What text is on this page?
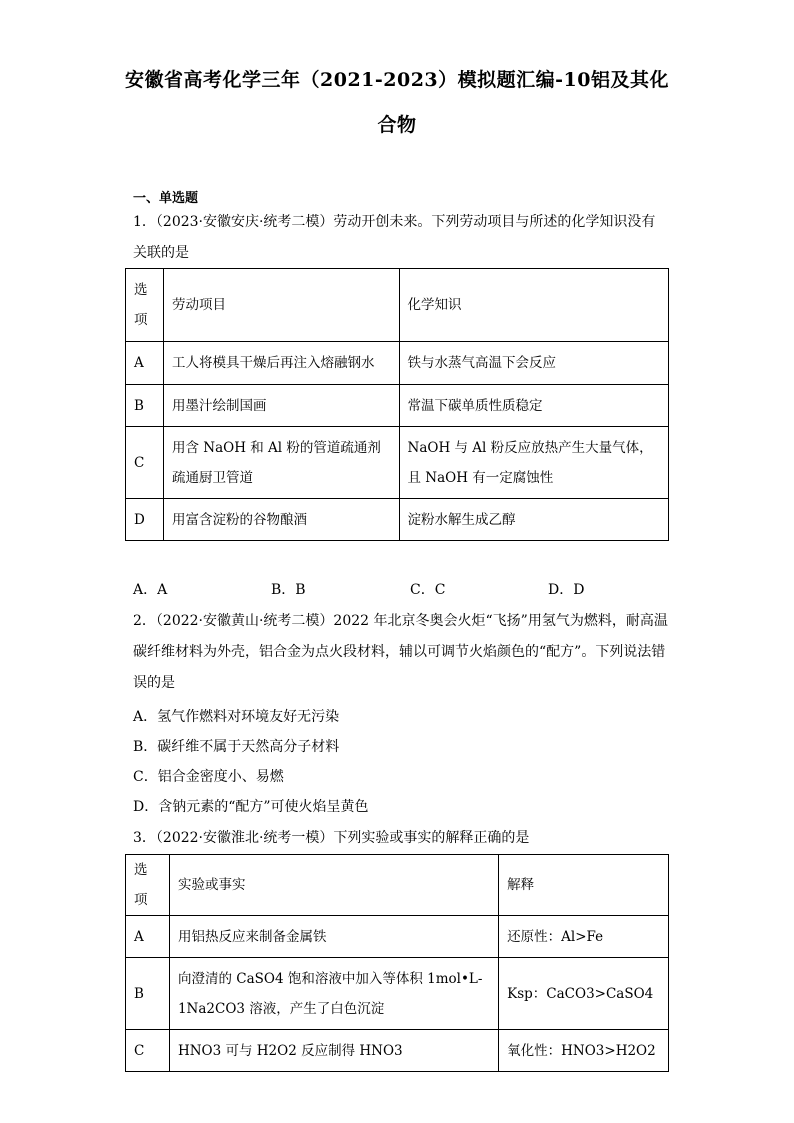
安徽省高考化学三年（2021-2023）模拟题汇编-10铝及其化
合物
一、单选题
1．（2023·安徽安庆·统考二模）劳动开创未来。下列劳动项目与所述的化学知识没有关联的是
选项	劳动项目	化学知识
A	工人将模具干燥后再注入熔融钢水	铁与水蒸气高温下会反应
B	用墨汁绘制国画	常温下碳单质性质稳定
C	用含 NaOH 和 Al 粉的管道疏通剂疏通厨卫管道	NaOH 与 Al 粉反应放热产生大量气体，且 NaOH 有一定腐蚀性
D	用富含淀粉的谷物酿酒	淀粉水解生成乙醇
A．A	B．B	C．C	D．D
2．（2022·安徽黄山·统考二模）2022 年北京冬奥会火炬“飞扬”用氢气为燃料，耐高温碳纤维材料为外壳，铝合金为点火段材料，辅以可调节火焰颜色的“配方”。下列说法错误的是
A．氢气作燃料对环境友好无污染
B．碳纤维不属于天然高分子材料
C．铝合金密度小、易燃
D．含钠元素的“配方”可使火焰呈黄色
3．（2022·安徽淮北·统考一模）下列实验或事实的解释正确的是
选项	实验或事实	解释
A	用铝热反应来制备金属铁	还原性：Al>Fe
B	向澄清的 CaSO4 饱和溶液中加入等体积 1mol•L-1Na2CO3 溶液，产生了白色沉淀	Ksp：CaCO3>CaSO4
C	HNO3 可与 H2O2 反应制得 HNO3	氧化性：HNO3>H2O2
